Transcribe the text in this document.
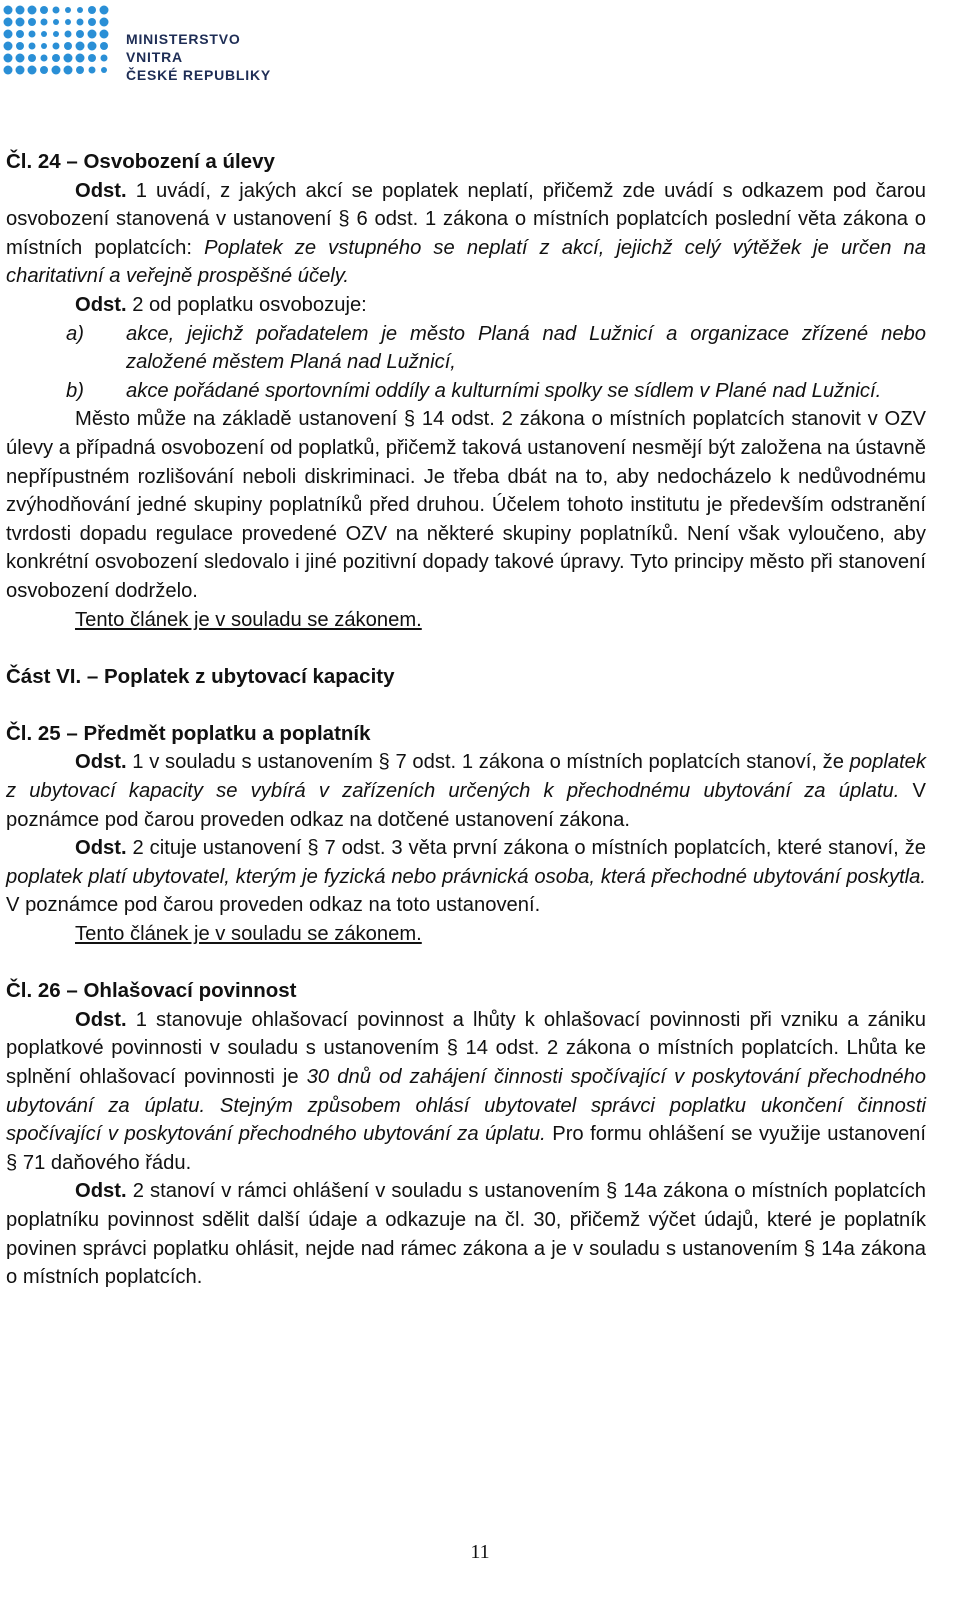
MINISTERSTVO VNITRA
ČESKÉ REPUBLIKY
Čl. 24 – Osvobození a úlevy

Odst. 1 uvádí, z jakých akcí se poplatek neplatí, přičemž zde uvádí s odkazem pod čarou osvobození stanovená v ustanovení § 6 odst. 1 zákona o místních poplatcích poslední věta zákona o místních poplatcích: Poplatek ze vstupného se neplatí z akcí, jejichž celý výtěžek je určen na charitativní a veřejně prospěšné účely.

Odst. 2 od poplatku osvobozuje:

a)	akce, jejichž pořadatelem je město Planá nad Lužnicí a organizace zřízené nebo založené městem Planá nad Lužnicí,
b)	akce pořádané sportovními oddíly a kulturními spolky se sídlem v Plané nad Lužnicí.

Město může na základě ustanovení § 14 odst. 2 zákona o místních poplatcích stanovit v OZV úlevy a případná osvobození od poplatků, přičemž taková ustanovení nesmějí být založena na ústavně nepřípustném rozlišování neboli diskriminaci. Je třeba dbát na to, aby nedocházelo k nedůvodnému zvýhodňování jedné skupiny poplatníků před druhou. Účelem tohoto institutu je především odstranění tvrdosti dopadu regulace provedené OZV na některé skupiny poplatníků. Není však vyloučeno, aby konkrétní osvobození sledovalo i jiné pozitivní dopady takové úpravy. Tyto principy město při stanovení osvobození dodrželo.

Tento článek je v souladu se zákonem.

Část VI. – Poplatek z ubytovací kapacity
Čl. 25 – Předmět poplatku a poplatník

Odst. 1 v souladu s ustanovením § 7 odst. 1 zákona o místních poplatcích stanoví, že poplatek z ubytovací kapacity se vybírá v zařízeních určených k přechodnému ubytování za úplatu. V poznámce pod čarou proveden odkaz na dotčené ustanovení zákona.

Odst. 2 cituje ustanovení § 7 odst. 3 věta první zákona o místních poplatcích, které stanoví, že poplatek platí ubytovatel, kterým je fyzická nebo právnická osoba, která přechodné ubytování poskytla. V poznámce pod čarou proveden odkaz na toto ustanovení.

Tento článek je v souladu se zákonem.

Čl. 26 – Ohlašovací povinnost

Odst. 1 stanovuje ohlašovací povinnost a lhůty k ohlašovací povinnosti při vzniku a zániku poplatkové povinnosti v souladu s ustanovením § 14 odst. 2 zákona o místních poplatcích. Lhůta ke splnění ohlašovací povinnosti je 30 dnů od zahájení činnosti spočívající v poskytování přechodného ubytování za úplatu. Stejným způsobem ohlásí ubytovatel správci poplatku ukončení činnosti spočívající v poskytování přechodného ubytování za úplatu. Pro formu ohlášení se využije ustanovení § 71 daňového řádu.

Odst. 2 stanoví v rámci ohlášení v souladu s ustanovením § 14a zákona o místních poplatcích poplatníku povinnost sdělit další údaje a odkazuje na čl. 30, přičemž výčet údajů, které je poplatník povinen správci poplatku ohlásit, nejde nad rámec zákona a je v souladu s ustanovením § 14a zákona o místních poplatcích.

11
